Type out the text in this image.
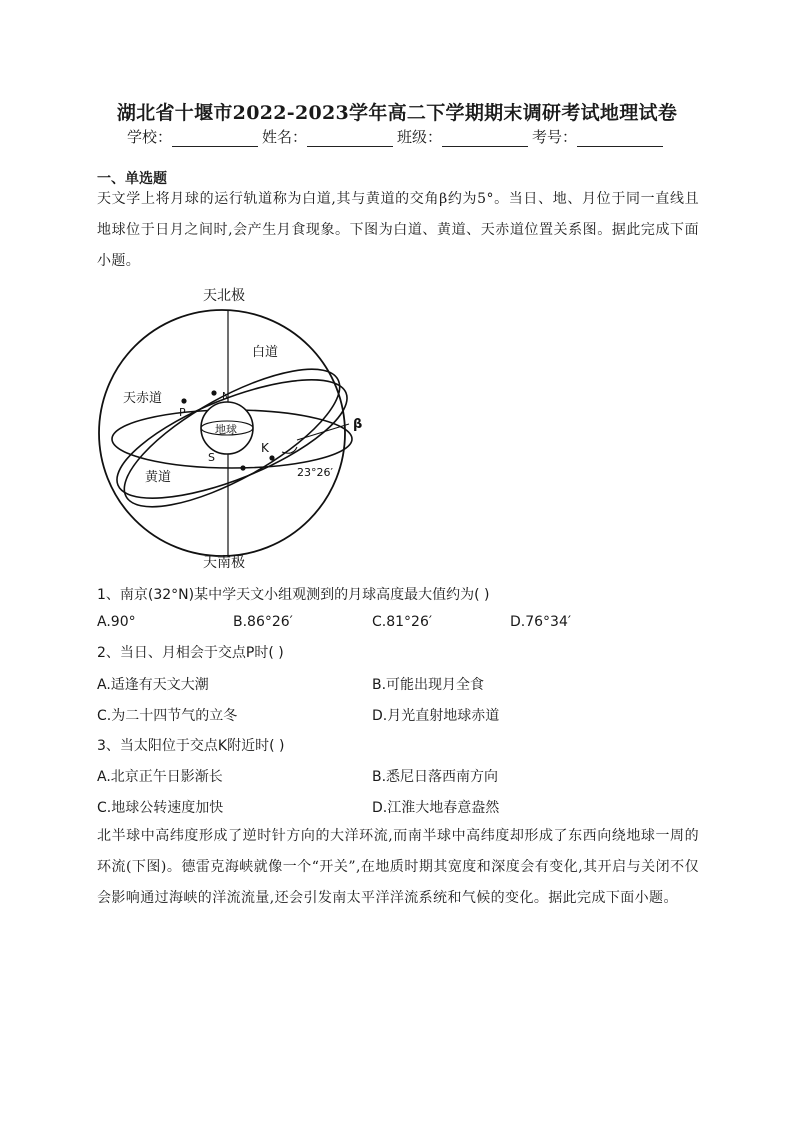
湖北省十堰市2022-2023学年高二下学期期末调研考试地理试卷
学校：	姓名：	班级：	考号：
一、单选题
天文学上将月球的运行轨道称为白道,其与黄道的交角β约为5°。当日、地、月位于同一直线且地球位于日月之间时,会产生月食现象。下图为白道、黄道、天赤道位置关系图。据此完成下面小题。
天北极
天南极
白道
天赤道
黄道
地球
P
N
S
K
β
23°26′
1、南京(32°N)某中学天文小组观测到的月球高度最大值约为( )
A.90°	B.86°26′	C.81°26′	D.76°34′
2、当日、月相会于交点P时( )
A.适逢有天文大潮	B.可能出现月全食
C.为二十四节气的立冬	D.月光直射地球赤道
3、当太阳位于交点K附近时( )
A.北京正午日影渐长	B.悉尼日落西南方向
C.地球公转速度加快	D.江淮大地春意盎然
北半球中高纬度形成了逆时针方向的大洋环流,而南半球中高纬度却形成了东西向绕地球一周的环流(下图)。德雷克海峡就像一个“开关”,在地质时期其宽度和深度会有变化,其开启与关闭不仅会影响通过海峡的洋流流量,还会引发南太平洋洋流系统和气候的变化。据此完成下面小题。
